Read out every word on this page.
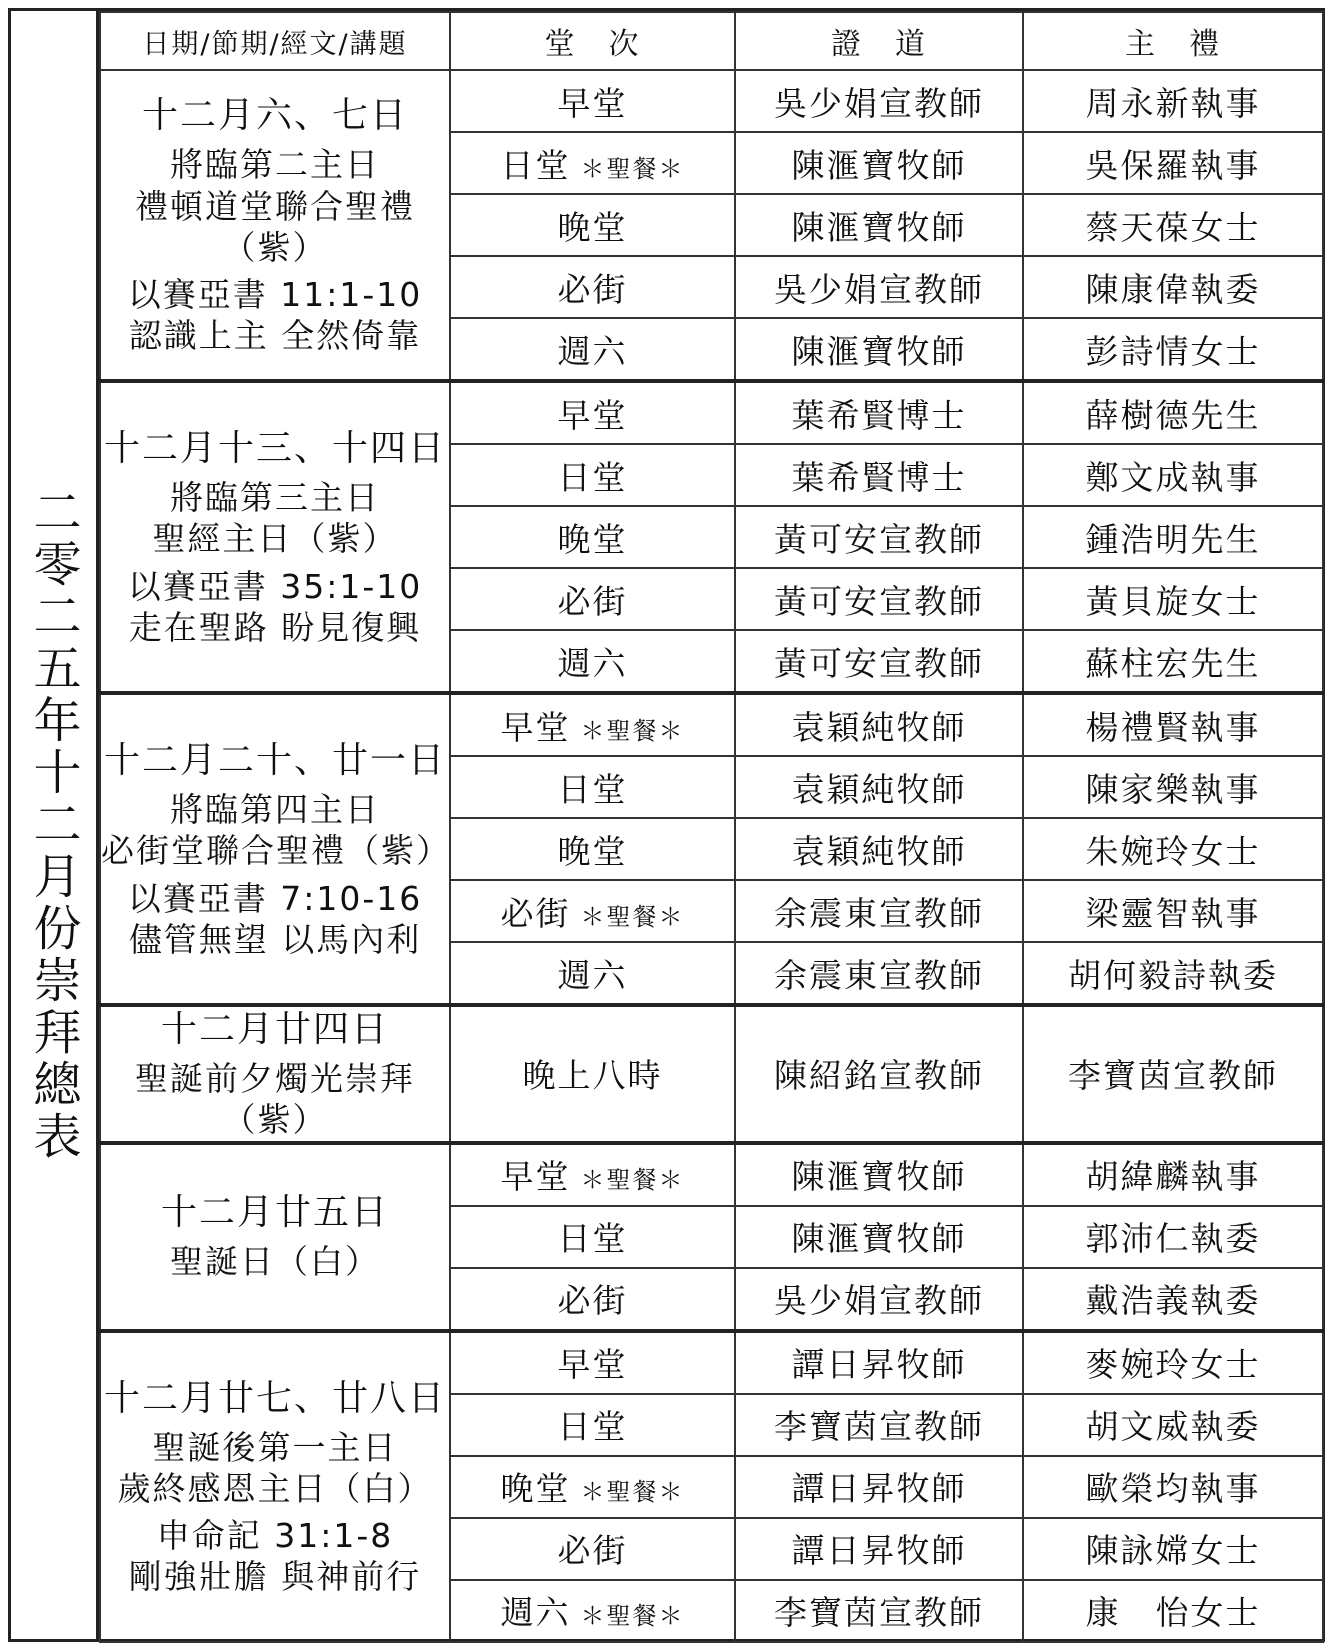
二零二五年十二月份崇拜總表
日期/節期/經文/講題	堂　次	證　道	主　禮

十二月六、七日
將臨第二主日
禮頓道堂聯合聖禮（紫）
以賽亞書 11:1-10
認識上主 全然倚靠	早堂	吳少娟宣教師	周永新執事
	日堂 ＊聖餐＊	陳滙寶牧師	吳保羅執事
	晚堂	陳滙寶牧師	蔡天葆女士
	必街	吳少娟宣教師	陳康偉執委
	週六	陳滙寶牧師	彭詩情女士

十二月十三、十四日
將臨第三主日
聖經主日（紫）
以賽亞書 35:1-10
走在聖路 盼見復興	早堂	葉希賢博士	薛樹德先生
	日堂	葉希賢博士	鄭文成執事
	晚堂	黃可安宣教師	鍾浩明先生
	必街	黃可安宣教師	黃貝旋女士
	週六	黃可安宣教師	蘇柱宏先生

十二月二十、廿一日
將臨第四主日
必街堂聯合聖禮（紫）
以賽亞書 7:10-16
儘管無望 以馬內利	早堂 ＊聖餐＊	袁穎純牧師	楊禮賢執事
	日堂	袁穎純牧師	陳家樂執事
	晚堂	袁穎純牧師	朱婉玲女士
	必街 ＊聖餐＊	余震東宣教師	梁靈智執事
	週六	余震東宣教師	胡何毅詩執委

十二月廿四日
聖誕前夕燭光崇拜（紫）	晚上八時	陳紹銘宣教師	李寶茵宣教師

十二月廿五日
聖誕日（白）	早堂 ＊聖餐＊	陳滙寶牧師	胡緯麟執事
	日堂	陳滙寶牧師	郭沛仁執委
	必街	吳少娟宣教師	戴浩義執委

十二月廿七、廿八日
聖誕後第一主日
歲終感恩主日（白）
申命記 31:1-8
剛強壯膽 與神前行	早堂	譚日昇牧師	麥婉玲女士
	日堂	李寶茵宣教師	胡文威執委
	晚堂 ＊聖餐＊	譚日昇牧師	歐榮均執事
	必街	譚日昇牧師	陳詠嫦女士
	週六 ＊聖餐＊	李寶茵宣教師	康　怡女士
